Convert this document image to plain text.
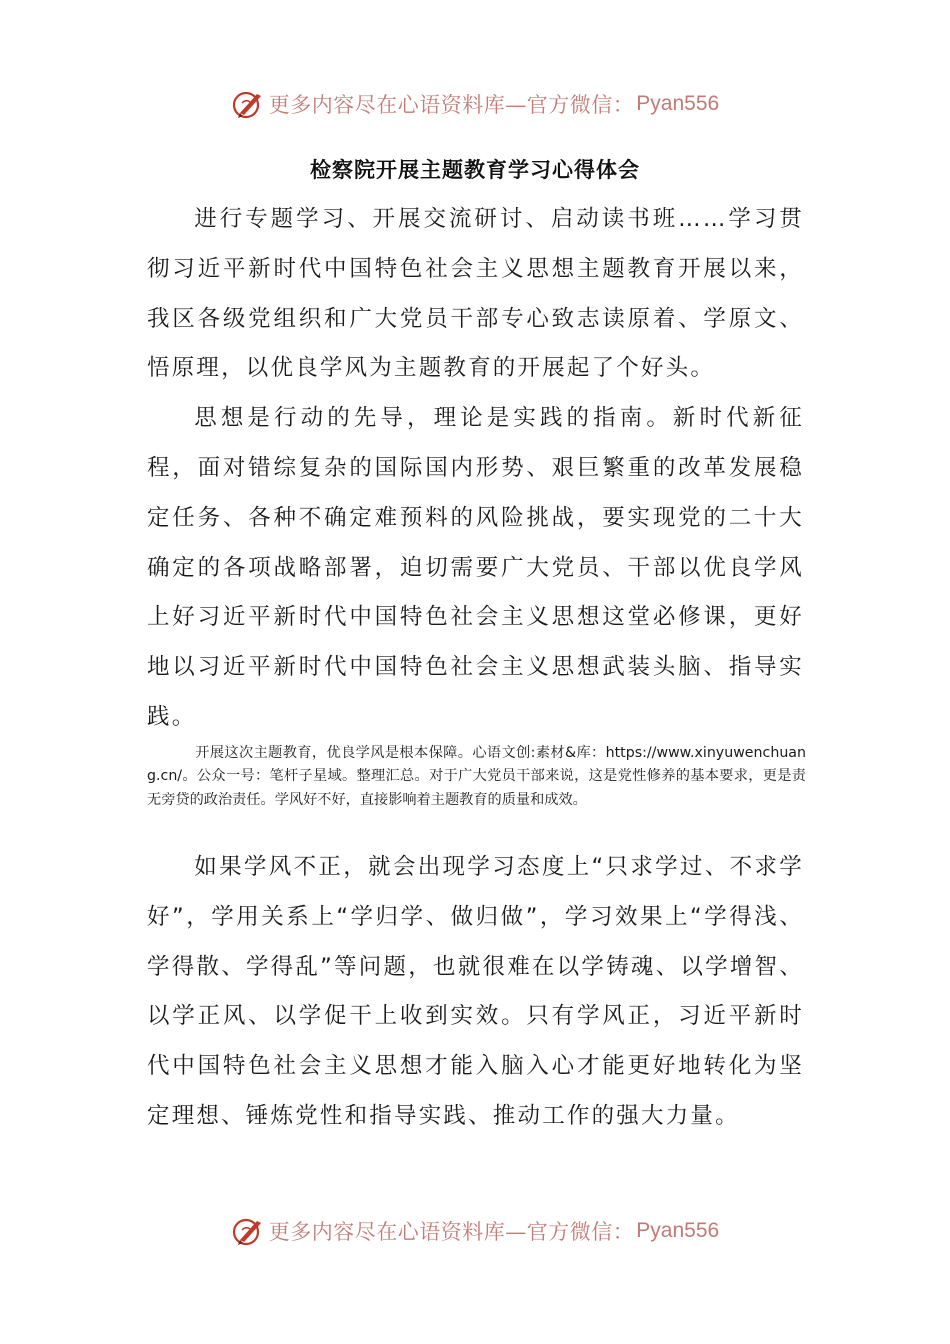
更多内容尽在心语资料库—官方微信： Pyan556
检察院开展主题教育学习心得体会

进行专题学习、开展交流研讨、启动读书班……学习贯彻习近平新时代中国特色社会主义思想主题教育开展以来，我区各级党组织和广大党员干部专心致志读原着、学原文、悟原理，以优良学风为主题教育的开展起了个好头。

思想是行动的先导，理论是实践的指南。新时代新征程，面对错综复杂的国际国内形势、艰巨繁重的改革发展稳定任务、各种不确定难预料的风险挑战，要实现党的二十大确定的各项战略部署，迫切需要广大党员、干部以优良学风上好习近平新时代中国特色社会主义思想这堂必修课，更好地以习近平新时代中国特色社会主义思想武装头脑、指导实践。

开展这次主题教育，优良学风是根本保障。心语文创:素材&库：https://www.xinyuwenchuang.cn/。公众一号：笔杆子星域。整理汇总。对于广大党员干部来说，这是党性修养的基本要求，更是责无旁贷的政治责任。学风好不好，直接影响着主题教育的质量和成效。

如果学风不正，就会出现学习态度上“只求学过、不求学好”，学用关系上“学归学、做归做”，学习效果上“学得浅、学得散、学得乱”等问题，也就很难在以学铸魂、以学增智、以学正风、以学促干上收到实效。只有学风正，习近平新时代中国特色社会主义思想才能入脑入心才能更好地转化为坚定理想、锤炼党性和指导实践、推动工作的强大力量。

更多内容尽在心语资料库—官方微信： Pyan556
